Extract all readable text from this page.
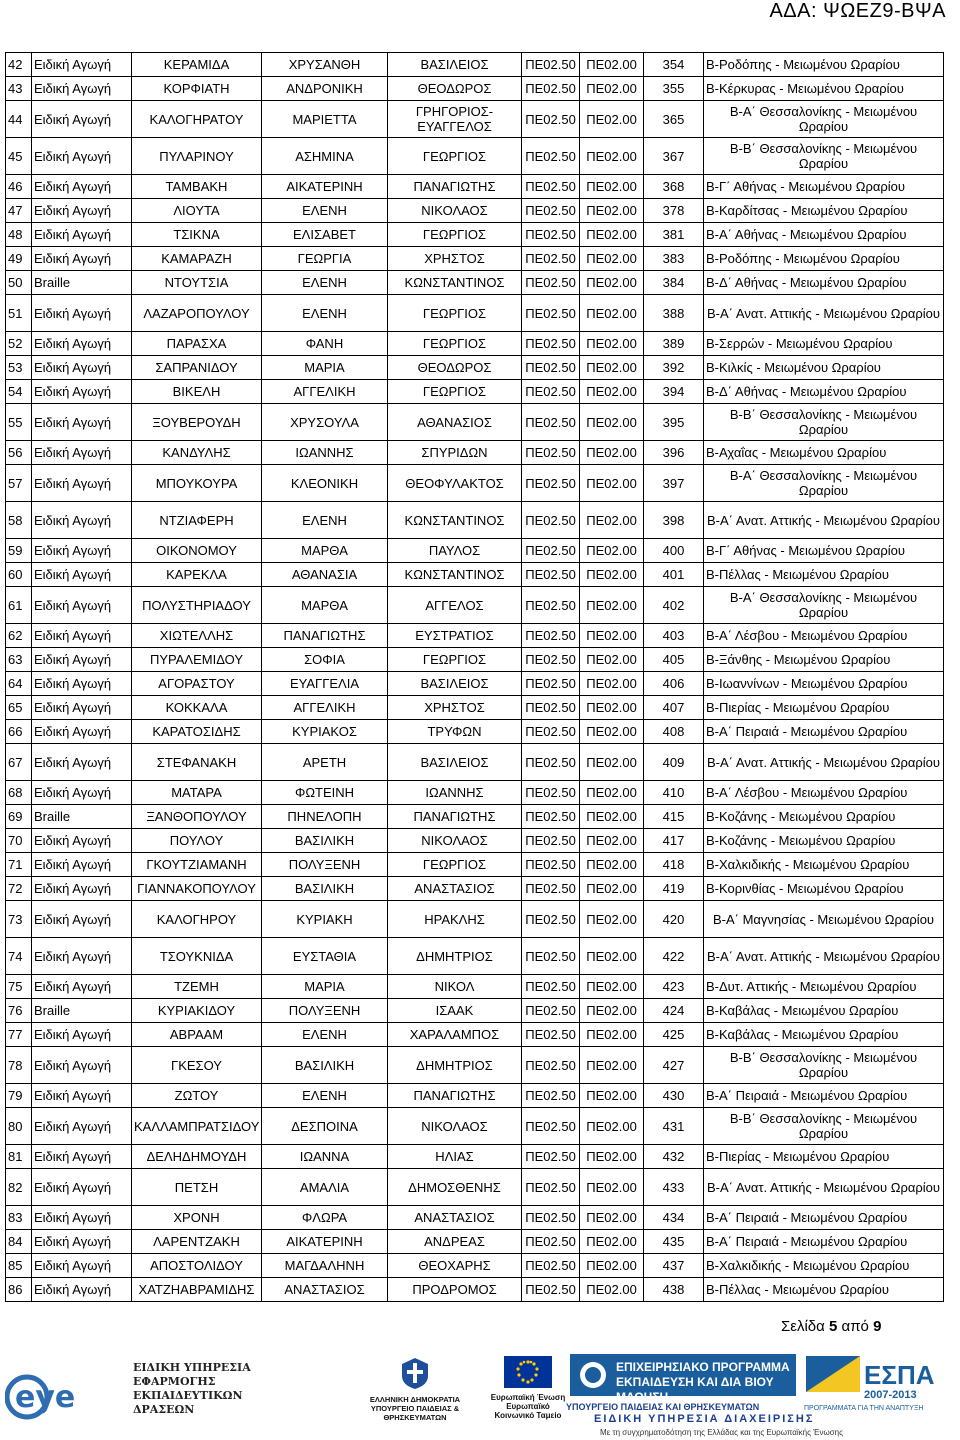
ΑΔΑ: ΨΩΕΖ9-ΒΨΑ
42	Ειδική Αγωγή	ΚΕΡΑΜΙΔΑ	ΧΡΥΣΑΝΘΗ	ΒΑΣΙΛΕΙΟΣ	ΠΕ02.50	ΠΕ02.00	354	Β-Ροδόπης - Μειωμένου Ωραρίου
43	Ειδική Αγωγή	ΚΟΡΦΙΑΤΗ	ΑΝΔΡΟΝΙΚΗ	ΘΕΟΔΩΡΟΣ	ΠΕ02.50	ΠΕ02.00	355	Β-Κέρκυρας - Μειωμένου Ωραρίου
44	Ειδική Αγωγή	ΚΑΛΟΓΗΡΑΤΟΥ	ΜΑΡΙΕΤΤΑ	ΓΡΗΓΟΡΙΟΣ-ΕΥΑΓΓΕΛΟΣ	ΠΕ02.50	ΠΕ02.00	365	Β-Α΄ Θεσσαλονίκης - Μειωμένου Ωραρίου
45	Ειδική Αγωγή	ΠΥΛΑΡΙΝΟΥ	ΑΣΗΜΙΝΑ	ΓΕΩΡΓΙΟΣ	ΠΕ02.50	ΠΕ02.00	367	Β-Β΄ Θεσσαλονίκης - Μειωμένου Ωραρίου
46	Ειδική Αγωγή	ΤΑΜΒΑΚΗ	ΑΙΚΑΤΕΡΙΝΗ	ΠΑΝΑΓΙΩΤΗΣ	ΠΕ02.50	ΠΕ02.00	368	Β-Γ΄ Αθήνας - Μειωμένου Ωραρίου
47	Ειδική Αγωγή	ΛΙΟΥΤΑ	ΕΛΕΝΗ	ΝΙΚΟΛΑΟΣ	ΠΕ02.50	ΠΕ02.00	378	Β-Καρδίτσας - Μειωμένου Ωραρίου
48	Ειδική Αγωγή	ΤΣΙΚΝΑ	ΕΛΙΣΑΒΕΤ	ΓΕΩΡΓΙΟΣ	ΠΕ02.50	ΠΕ02.00	381	Β-Α΄ Αθήνας - Μειωμένου Ωραρίου
49	Ειδική Αγωγή	ΚΑΜΑΡΑΖΗ	ΓΕΩΡΓΙΑ	ΧΡΗΣΤΟΣ	ΠΕ02.50	ΠΕ02.00	383	Β-Ροδόπης - Μειωμένου Ωραρίου
50	Braille	ΝΤΟΥΤΣΙΑ	ΕΛΕΝΗ	ΚΩΝΣΤΑΝΤΙΝΟΣ	ΠΕ02.50	ΠΕ02.00	384	Β-Δ΄ Αθήνας - Μειωμένου Ωραρίου
51	Ειδική Αγωγή	ΛΑΖΑΡΟΠΟΥΛΟΥ	ΕΛΕΝΗ	ΓΕΩΡΓΙΟΣ	ΠΕ02.50	ΠΕ02.00	388	Β-Α΄ Ανατ. Αττικής - Μειωμένου Ωραρίου
52	Ειδική Αγωγή	ΠΑΡΑΣΧΑ	ΦΑΝΗ	ΓΕΩΡΓΙΟΣ	ΠΕ02.50	ΠΕ02.00	389	Β-Σερρών - Μειωμένου Ωραρίου
53	Ειδική Αγωγή	ΣΑΠΡΑΝΙΔΟΥ	ΜΑΡΙΑ	ΘΕΟΔΩΡΟΣ	ΠΕ02.50	ΠΕ02.00	392	Β-Κιλκίς - Μειωμένου Ωραρίου
54	Ειδική Αγωγή	ΒΙΚΕΛΗ	ΑΓΓΕΛΙΚΗ	ΓΕΩΡΓΙΟΣ	ΠΕ02.50	ΠΕ02.00	394	Β-Δ΄ Αθήνας - Μειωμένου Ωραρίου
55	Ειδική Αγωγή	ΞΟΥΒΕΡΟΥΔΗ	ΧΡΥΣΟΥΛΑ	ΑΘΑΝΑΣΙΟΣ	ΠΕ02.50	ΠΕ02.00	395	Β-Β΄ Θεσσαλονίκης - Μειωμένου Ωραρίου
56	Ειδική Αγωγή	ΚΑΝΔΥΛΗΣ	ΙΩΑΝΝΗΣ	ΣΠΥΡΙΔΩΝ	ΠΕ02.50	ΠΕ02.00	396	Β-Αχαΐας - Μειωμένου Ωραρίου
57	Ειδική Αγωγή	ΜΠΟΥΚΟΥΡΑ	ΚΛΕΟΝΙΚΗ	ΘΕΟΦΥΛΑΚΤΟΣ	ΠΕ02.50	ΠΕ02.00	397	Β-Α΄ Θεσσαλονίκης - Μειωμένου Ωραρίου
58	Ειδική Αγωγή	ΝΤΖΙΑΦΕΡΗ	ΕΛΕΝΗ	ΚΩΝΣΤΑΝΤΙΝΟΣ	ΠΕ02.50	ΠΕ02.00	398	Β-Α΄ Ανατ. Αττικής - Μειωμένου Ωραρίου
59	Ειδική Αγωγή	ΟΙΚΟΝΟΜΟΥ	ΜΑΡΘΑ	ΠΑΥΛΟΣ	ΠΕ02.50	ΠΕ02.00	400	Β-Γ΄ Αθήνας - Μειωμένου Ωραρίου
60	Ειδική Αγωγή	ΚΑΡΕΚΛΑ	ΑΘΑΝΑΣΙΑ	ΚΩΝΣΤΑΝΤΙΝΟΣ	ΠΕ02.50	ΠΕ02.00	401	Β-Πέλλας - Μειωμένου Ωραρίου
61	Ειδική Αγωγή	ΠΟΛΥΣΤΗΡΙΑΔΟΥ	ΜΑΡΘΑ	ΑΓΓΕΛΟΣ	ΠΕ02.50	ΠΕ02.00	402	Β-Α΄ Θεσσαλονίκης - Μειωμένου Ωραρίου
62	Ειδική Αγωγή	ΧΙΩΤΕΛΛΗΣ	ΠΑΝΑΓΙΩΤΗΣ	ΕΥΣΤΡΑΤΙΟΣ	ΠΕ02.50	ΠΕ02.00	403	Β-Α΄ Λέσβου - Μειωμένου Ωραρίου
63	Ειδική Αγωγή	ΠΥΡΑΛΕΜΙΔΟΥ	ΣΟΦΙΑ	ΓΕΩΡΓΙΟΣ	ΠΕ02.50	ΠΕ02.00	405	Β-Ξάνθης - Μειωμένου Ωραρίου
64	Ειδική Αγωγή	ΑΓΟΡΑΣΤΟΥ	ΕΥΑΓΓΕΛΙΑ	ΒΑΣΙΛΕΙΟΣ	ΠΕ02.50	ΠΕ02.00	406	Β-Ιωαννίνων - Μειωμένου Ωραρίου
65	Ειδική Αγωγή	ΚΟΚΚΑΛΑ	ΑΓΓΕΛΙΚΗ	ΧΡΗΣΤΟΣ	ΠΕ02.50	ΠΕ02.00	407	Β-Πιερίας - Μειωμένου Ωραρίου
66	Ειδική Αγωγή	ΚΑΡΑΤΟΣΙΔΗΣ	ΚΥΡΙΑΚΟΣ	ΤΡΥΦΩΝ	ΠΕ02.50	ΠΕ02.00	408	Β-Α΄ Πειραιά - Μειωμένου Ωραρίου
67	Ειδική Αγωγή	ΣΤΕΦΑΝΑΚΗ	ΑΡΕΤΗ	ΒΑΣΙΛΕΙΟΣ	ΠΕ02.50	ΠΕ02.00	409	Β-Α΄ Ανατ. Αττικής - Μειωμένου Ωραρίου
68	Ειδική Αγωγή	ΜΑΤΑΡΑ	ΦΩΤΕΙΝΗ	ΙΩΑΝΝΗΣ	ΠΕ02.50	ΠΕ02.00	410	Β-Α΄ Λέσβου - Μειωμένου Ωραρίου
69	Braille	ΞΑΝΘΟΠΟΥΛΟΥ	ΠΗΝΕΛΟΠΗ	ΠΑΝΑΓΙΩΤΗΣ	ΠΕ02.50	ΠΕ02.00	415	Β-Κοζάνης - Μειωμένου Ωραρίου
70	Ειδική Αγωγή	ΠΟΥΛΟΥ	ΒΑΣΙΛΙΚΗ	ΝΙΚΟΛΑΟΣ	ΠΕ02.50	ΠΕ02.00	417	Β-Κοζάνης - Μειωμένου Ωραρίου
71	Ειδική Αγωγή	ΓΚΟΥΤΖΙΑΜΑΝΗ	ΠΟΛΥΞΕΝΗ	ΓΕΩΡΓΙΟΣ	ΠΕ02.50	ΠΕ02.00	418	Β-Χαλκιδικής - Μειωμένου Ωραρίου
72	Ειδική Αγωγή	ΓΙΑΝΝΑΚΟΠΟΥΛΟΥ	ΒΑΣΙΛΙΚΗ	ΑΝΑΣΤΑΣΙΟΣ	ΠΕ02.50	ΠΕ02.00	419	Β-Κορινθίας - Μειωμένου Ωραρίου
73	Ειδική Αγωγή	ΚΑΛΟΓΗΡΟΥ	ΚΥΡΙΑΚΗ	ΗΡΑΚΛΗΣ	ΠΕ02.50	ΠΕ02.00	420	Β-Α΄ Μαγνησίας - Μειωμένου Ωραρίου
74	Ειδική Αγωγή	ΤΣΟΥΚΝΙΔΑ	ΕΥΣΤΑΘΙΑ	ΔΗΜΗΤΡΙΟΣ	ΠΕ02.50	ΠΕ02.00	422	Β-Α΄ Ανατ. Αττικής - Μειωμένου Ωραρίου
75	Ειδική Αγωγή	ΤΖΕΜΗ	ΜΑΡΙΑ	ΝΙΚΟΛ	ΠΕ02.50	ΠΕ02.00	423	Β-Δυτ. Αττικής - Μειωμένου Ωραρίου
76	Braille	ΚΥΡΙΑΚΙΔΟΥ	ΠΟΛΥΞΕΝΗ	ΙΣΑΑΚ	ΠΕ02.50	ΠΕ02.00	424	Β-Καβάλας - Μειωμένου Ωραρίου
77	Ειδική Αγωγή	ΑΒΡΑΑΜ	ΕΛΕΝΗ	ΧΑΡΑΛΑΜΠΟΣ	ΠΕ02.50	ΠΕ02.00	425	Β-Καβάλας - Μειωμένου Ωραρίου
78	Ειδική Αγωγή	ΓΚΕΣΟΥ	ΒΑΣΙΛΙΚΗ	ΔΗΜΗΤΡΙΟΣ	ΠΕ02.50	ΠΕ02.00	427	Β-Β΄ Θεσσαλονίκης - Μειωμένου Ωραρίου
79	Ειδική Αγωγή	ΖΩΤΟΥ	ΕΛΕΝΗ	ΠΑΝΑΓΙΩΤΗΣ	ΠΕ02.50	ΠΕ02.00	430	Β-Α΄ Πειραιά - Μειωμένου Ωραρίου
80	Ειδική Αγωγή	ΚΑΛΛΑΜΠΡΑΤΣΙΔΟΥ	ΔΕΣΠΟΙΝΑ	ΝΙΚΟΛΑΟΣ	ΠΕ02.50	ΠΕ02.00	431	Β-Β΄ Θεσσαλονίκης - Μειωμένου Ωραρίου
81	Ειδική Αγωγή	ΔΕΛΗΔΗΜΟΥΔΗ	ΙΩΑΝΝΑ	ΗΛΙΑΣ	ΠΕ02.50	ΠΕ02.00	432	Β-Πιερίας - Μειωμένου Ωραρίου
82	Ειδική Αγωγή	ΠΕΤΣΗ	ΑΜΑΛΙΑ	ΔΗΜΟΣΘΕΝΗΣ	ΠΕ02.50	ΠΕ02.00	433	Β-Α΄ Ανατ. Αττικής - Μειωμένου Ωραρίου
83	Ειδική Αγωγή	ΧΡΟΝΗ	ΦΛΩΡΑ	ΑΝΑΣΤΑΣΙΟΣ	ΠΕ02.50	ΠΕ02.00	434	Β-Α΄ Πειραιά - Μειωμένου Ωραρίου
84	Ειδική Αγωγή	ΛΑΡΕΝΤΖΑΚΗ	ΑΙΚΑΤΕΡΙΝΗ	ΑΝΔΡΕΑΣ	ΠΕ02.50	ΠΕ02.00	435	Β-Α΄ Πειραιά - Μειωμένου Ωραρίου
85	Ειδική Αγωγή	ΑΠΟΣΤΟΛΙΔΟΥ	ΜΑΓΔΑΛΗΝΗ	ΘΕΟΧΑΡΗΣ	ΠΕ02.50	ΠΕ02.00	437	Β-Χαλκιδικής - Μειωμένου Ωραρίου
86	Ειδική Αγωγή	ΧΑΤΖΗΑΒΡΑΜΙΔΗΣ	ΑΝΑΣΤΑΣΙΟΣ	ΠΡΟΔΡΟΜΟΣ	ΠΕ02.50	ΠΕ02.00	438	Β-Πέλλας - Μειωμένου Ωραρίου
Σελίδα 5 από 9
eye
ΕΙΔΙΚΗ ΥΠΗΡΕΣΙΑ ΕΦΑΡΜΟΓΗΣ ΕΚΠΑΙΔΕΥΤΙΚΩΝ ΔΡΑΣΕΩΝ
ΕΛΛΗΝΙΚΗ ΔΗΜΟΚΡΑΤΙΑ ΥΠΟΥΡΓΕΙΟ ΠΑΙΔΕΙΑΣ & ΘΡΗΣΚΕΥΜΑΤΩΝ
Ευρωπαϊκή Ένωση Ευρωπαϊκό Κοινωνικό Ταμείο
ΕΠΙΧΕΙΡΗΣΙΑΚΟ ΠΡΟΓΡΑΜΜΑ ΕΚΠΑΙΔΕΥΣΗ ΚΑΙ ΔΙΑ ΒΙΟΥ ΜΑΘΗΣΗ
ΕΣΠΑ
2007-2013
ΠΡΟΓΡΑΜΜΑΤΑ ΓΙΑ ΤΗΝ ΑΝΑΠΤΥΞΗ
ΥΠΟΥΡΓΕΙΟ ΠΑΙΔΕΙΑΣ ΚΑΙ ΘΡΗΣΚΕΥΜΑΤΩΝ
ΕΙΔΙΚΗ ΥΠΗΡΕΣΙΑ ΔΙΑΧΕΙΡΙΣΗΣ
Με τη συγχρηματοδότηση της Ελλάδας και της Ευρωπαϊκής Ένωσης
